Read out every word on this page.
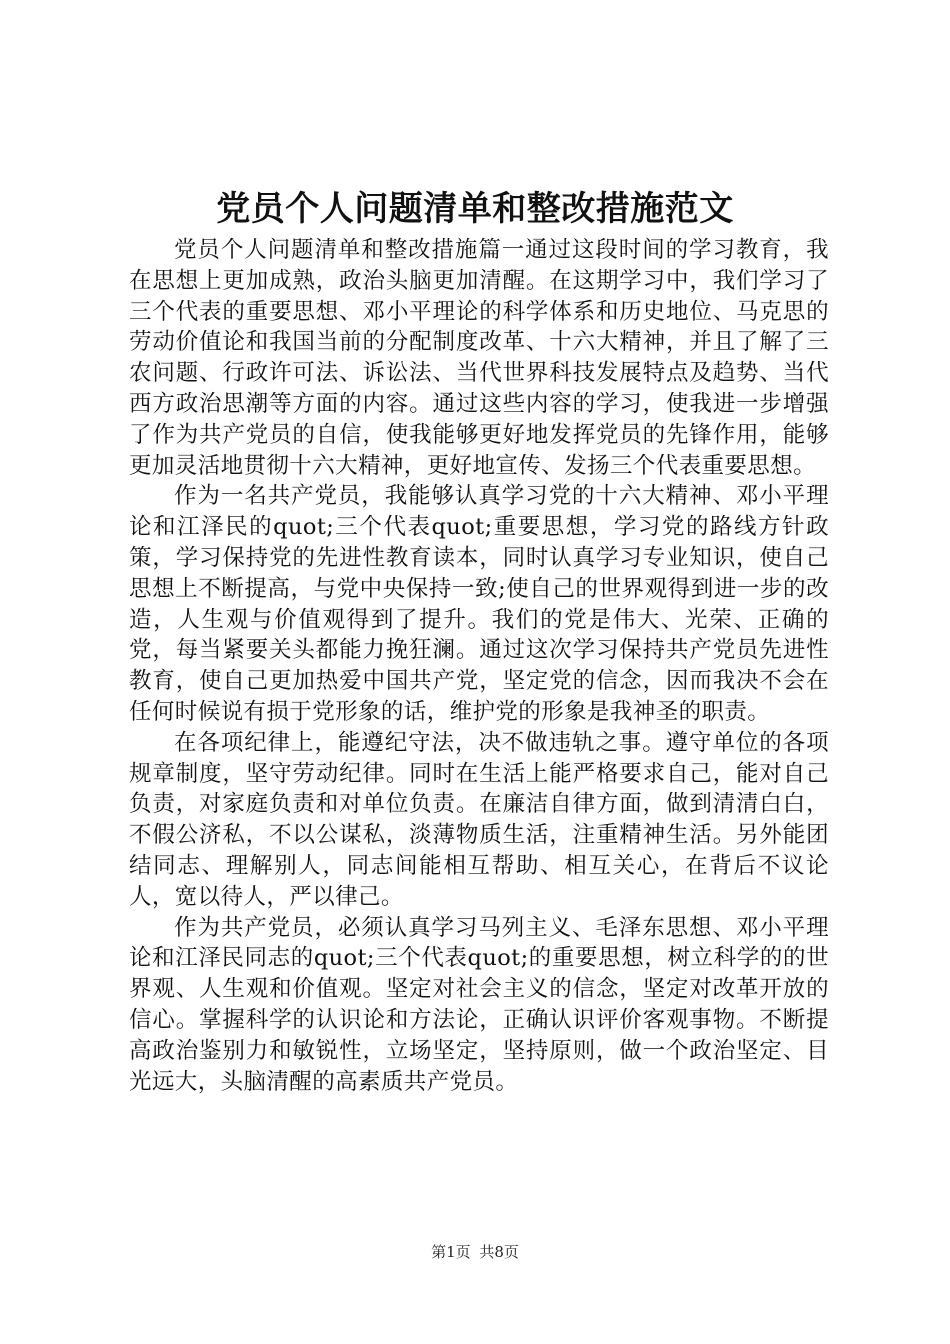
党员个人问题清单和整改措施范文

党员个人问题清单和整改措施篇一通过这段时间的学习教育，我在思想上更加成熟，政治头脑更加清醒。在这期学习中，我们学习了三个代表的重要思想、邓小平理论的科学体系和历史地位、马克思的劳动价值论和我国当前的分配制度改革、十六大精神，并且了解了三农问题、行政许可法、诉讼法、当代世界科技发展特点及趋势、当代西方政治思潮等方面的内容。通过这些内容的学习，使我进一步增强了作为共产党员的自信，使我能够更好地发挥党员的先锋作用，能够更加灵活地贯彻十六大精神，更好地宣传、发扬三个代表重要思想。

作为一名共产党员，我能够认真学习党的十六大精神、邓小平理论和江泽民的quot;三个代表quot;重要思想，学习党的路线方针政策，学习保持党的先进性教育读本，同时认真学习专业知识，使自己思想上不断提高，与党中央保持一致;使自己的世界观得到进一步的改造，人生观与价值观得到了提升。我们的党是伟大、光荣、正确的党，每当紧要关头都能力挽狂澜。通过这次学习保持共产党员先进性教育，使自己更加热爱中国共产党，坚定党的信念，因而我决不会在任何时候说有损于党形象的话，维护党的形象是我神圣的职责。

在各项纪律上，能遵纪守法，决不做违轨之事。遵守单位的各项规章制度，坚守劳动纪律。同时在生活上能严格要求自己，能对自己负责，对家庭负责和对单位负责。在廉洁自律方面，做到清清白白，不假公济私，不以公谋私，淡薄物质生活，注重精神生活。另外能团结同志、理解别人，同志间能相互帮助、相互关心，在背后不议论人，宽以待人，严以律己。

作为共产党员，必须认真学习马列主义、毛泽东思想、邓小平理论和江泽民同志的quot;三个代表quot;的重要思想，树立科学的的世界观、人生观和价值观。坚定对社会主义的信念，坚定对改革开放的信心。掌握科学的认识论和方法论，正确认识评价客观事物。不断提高政治鉴别力和敏锐性，立场坚定，坚持原则，做一个政治坚定、目光远大，头脑清醒的高素质共产党员。

第1页 共8页
